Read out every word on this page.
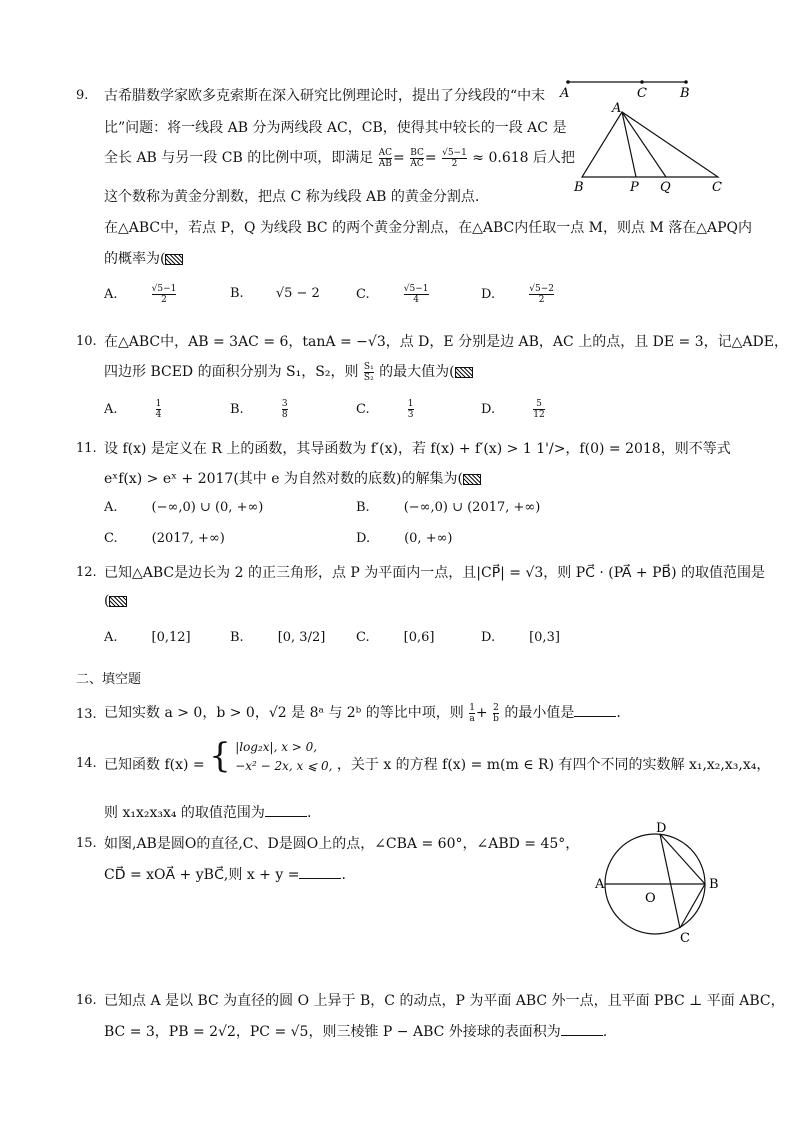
9. 古希腊数学家欧多克索斯在深入研究比例理论时，提出了分线段的“中末
比”问题：将一线段 AB 分为两线段 AC，CB，使得其中较长的一段 AC 是
全长 AB 与另一段 CB 的比例中项，即满足 $\frac{AC}{AB} = \frac{BC}{AC} = \frac{√5-1}{2} \approx 0.618$ 后人把
这个数称为黄金分割数，把点 C 称为线段 AB 的黄金分割点.
在△ABC中，若点 P，Q 为线段 BC 的两个黄金分割点，在△ABC内任取一点 M，则点 M 落在△APQ内
的概率为(
A.	$\frac{√5-1}{2}$	B. √5 − 2	C.	$\frac{√5-1}{4}$	D.	$\frac{√5-2}{2}$
A	C	B
A
B	P Q	C
10. 在△ABC中，AB = 3AC = 6，tanA = −√3，点 D，E 分别是边 AB，AC 上的点，且 DE = 3，记△ADE，
四边形 BCED 的面积分别为 S₁，S₂，则 $\frac{\text{S₁}}{\text{S₂}}$ 的最大值为(
A.	$\frac{1}{4}$	B.	$\frac{3}{8}$	C.	$\frac{1}{3}$	D.	$\frac{5}{12}$
11. 设 f(x) 是定义在 R 上的函数，其导函数为 f′(x)，若 f(x) + f′(x) > 1 1'/>，f(0) = 2018，则不等式
eˣf(x) > eˣ + 2017(其中 e 为自然对数的底数)的解集为(
A.	(−∞,0) ∪ (0, +∞)	B.	(−∞,0) ∪ (2017, +∞)
C.	(2017, +∞)	D.	(0, +∞)
12. 已知△ABC是边长为 2 的正三角形，点 P 为平面内一点，且|CP⃗| = √3，则 PC⃗ · (PA⃗ + PB⃗) 的取值范围是
(
A.	[0,12]	B.	[0, 3/2] C.	[0,6]	D.	[0,3]
二、填空题
13. 已知实数 a > 0，b > 0，√2 是 8ᵃ 与 2ᵇ 的等比中项，则 $\frac{1}{a} + \frac{2}{b}$ 的最小值是	.
14. 已知函数 f(x) = { |log₂x|, x > 0,
−x² − 2x, x ⩽ 0, ，关于 x 的方程 f(x) = m(m ∈ R) 有四个不同的实数解 x₁,x₂,x₃,x₄，
则 x₁x₂x₃x₄ 的取值范围为	.
15. 如图,AB是圆O的直径,C、D是圆O上的点，∠CBA = 60°，∠ABD = 45°，
CD⃗ = xOA⃗ + yBC⃗,则 x + y =	.
D
A	B
O
C
16. 已知点 A 是以 BC 为直径的圆 O 上异于 B，C 的动点，P 为平面 ABC 外一点，且平面 PBC ⊥ 平面 ABC，
BC = 3，PB = 2√2，PC = √5，则三棱锥 P − ABC 外接球的表面积为	.
